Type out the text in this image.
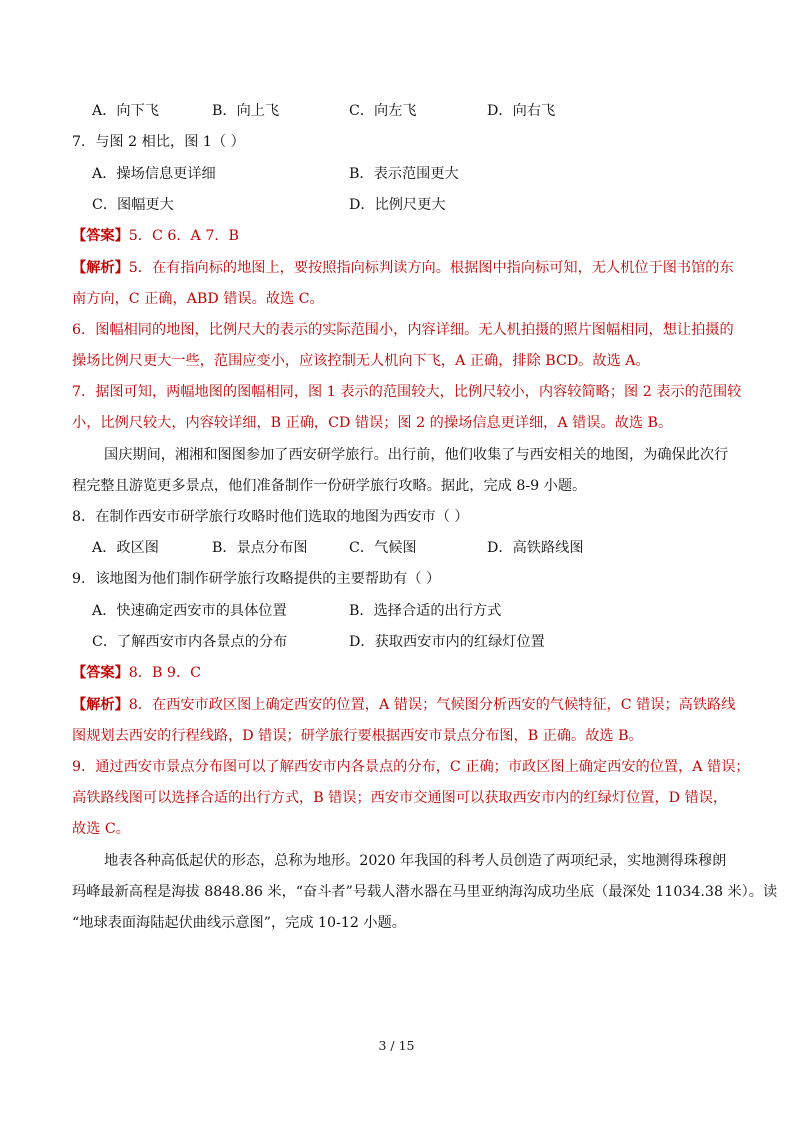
A．向下飞	B．向上飞	C．向左飞	D．向右飞
7．与图 2 相比，图 1（ ）
A．操场信息更详细	B．表示范围更大
C．图幅更大	D．比例尺更大
【答案】5．C 6．A 7．B
【解析】5．在有指向标的地图上，要按照指向标判读方向。根据图中指向标可知，无人机位于图书馆的东
南方向，C 正确，ABD 错误。故选 C。
6．图幅相同的地图，比例尺大的表示的实际范围小，内容详细。无人机拍摄的照片图幅相同，想让拍摄的
操场比例尺更大一些，范围应变小，应该控制无人机向下飞，A 正确，排除 BCD。故选 A。
7．据图可知，两幅地图的图幅相同，图 1 表示的范围较大，比例尺较小，内容较简略；图 2 表示的范围较
小，比例尺较大，内容较详细，B 正确，CD 错误；图 2 的操场信息更详细，A 错误。故选 B。
国庆期间，湘湘和图图参加了西安研学旅行。出行前，他们收集了与西安相关的地图，为确保此次行
程完整且游览更多景点，他们准备制作一份研学旅行攻略。据此，完成 8-9 小题。
8．在制作西安市研学旅行攻略时他们选取的地图为西安市（ ）
A．政区图	B．景点分布图	C．气候图	D．高铁路线图
9．该地图为他们制作研学旅行攻略提供的主要帮助有（ ）
A．快速确定西安市的具体位置	B．选择合适的出行方式
C．了解西安市内各景点的分布	D．获取西安市内的红绿灯位置
【答案】8．B 9．C
【解析】8．在西安市政区图上确定西安的位置，A 错误；气候图分析西安的气候特征，C 错误；高铁路线
图规划去西安的行程线路，D 错误；研学旅行要根据西安市景点分布图，B 正确。故选 B。
9．通过西安市景点分布图可以了解西安市内各景点的分布，C 正确；市政区图上确定西安的位置，A 错误；
高铁路线图可以选择合适的出行方式，B 错误；西安市交通图可以获取西安市内的红绿灯位置，D 错误，
故选 C。
地表各种高低起伏的形态，总称为地形。2020 年我国的科考人员创造了两项纪录，实地测得珠穆朗
玛峰最新高程是海拔 8848.86 米，“奋斗者”号载人潜水器在马里亚纳海沟成功坐底（最深处 11034.38 米）。读
“地球表面海陆起伏曲线示意图”，完成 10-12 小题。
3 / 15
